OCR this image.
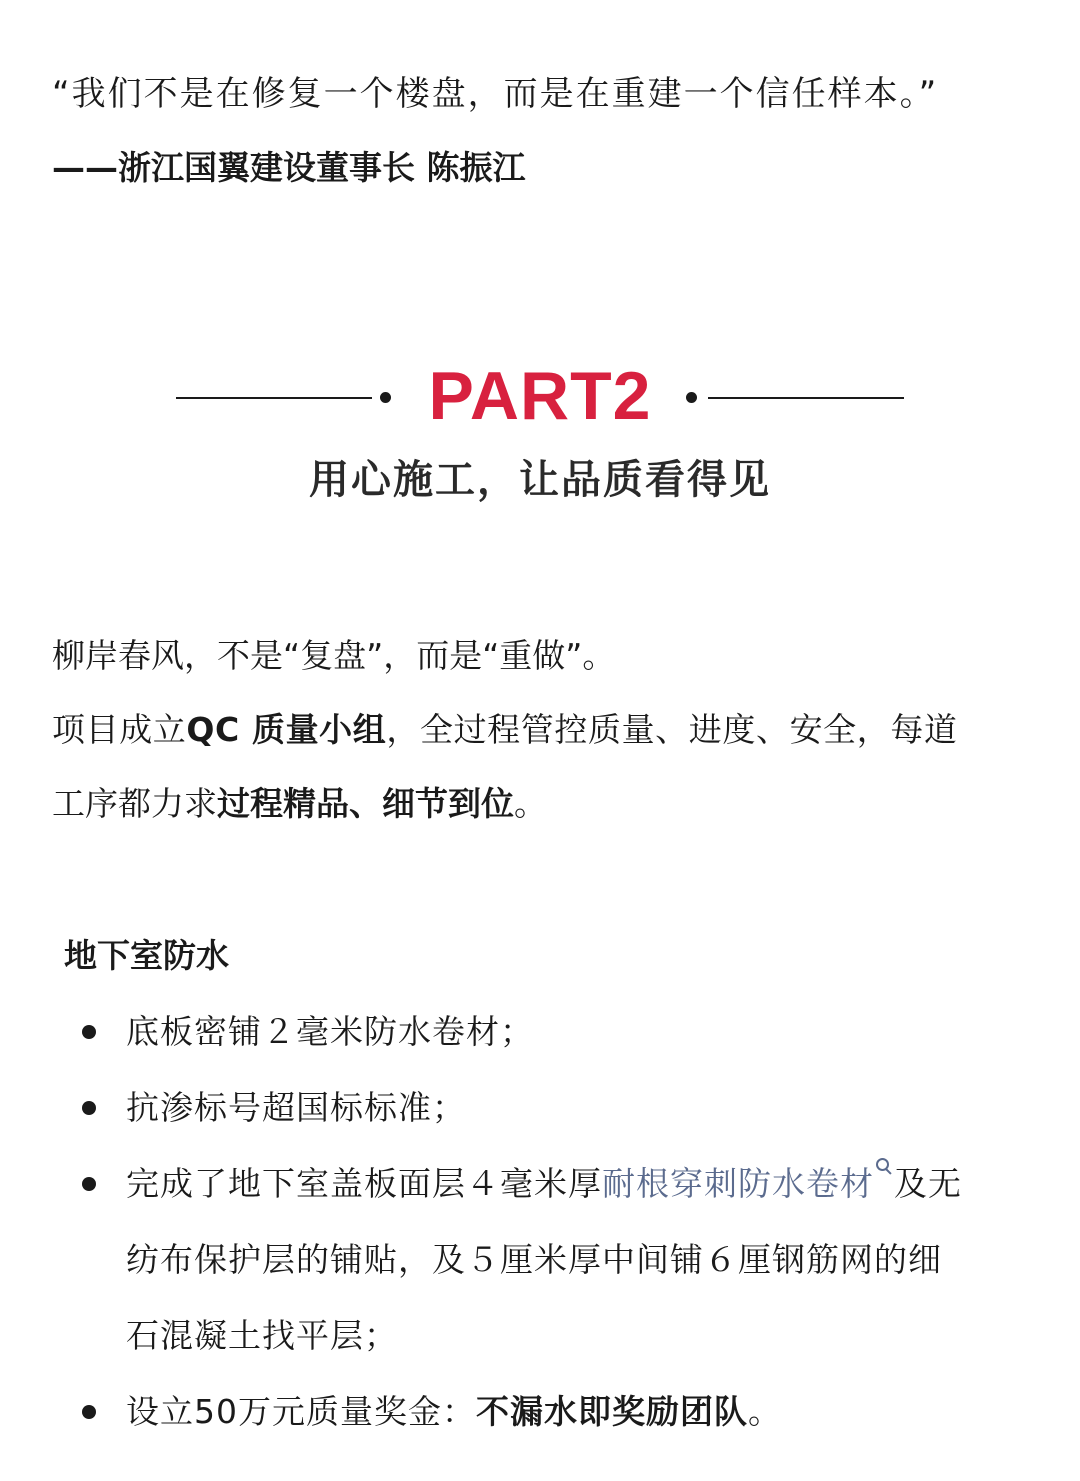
“我们不是在修复一个楼盘，而是在重建一个信任样本。”
——浙江国翼建设董事长 陈振江
PART2
用心施工，让品质看得见
柳岸春风，不是“复盘”，而是“重做”。
项目成立QC 质量小组，全过程管控质量、进度、安全，每道
工序都力求过程精品、细节到位。
地下室防水
底板密铺２毫米防水卷材；
抗渗标号超国标标准；
完成了地下室盖板面层４毫米厚耐根穿刺防水卷材 及无
纺布保护层的铺贴，及５厘米厚中间铺６厘钢筋网的细
石混凝土找平层；
设立50万元质量奖金：不漏水即奖励团队。
